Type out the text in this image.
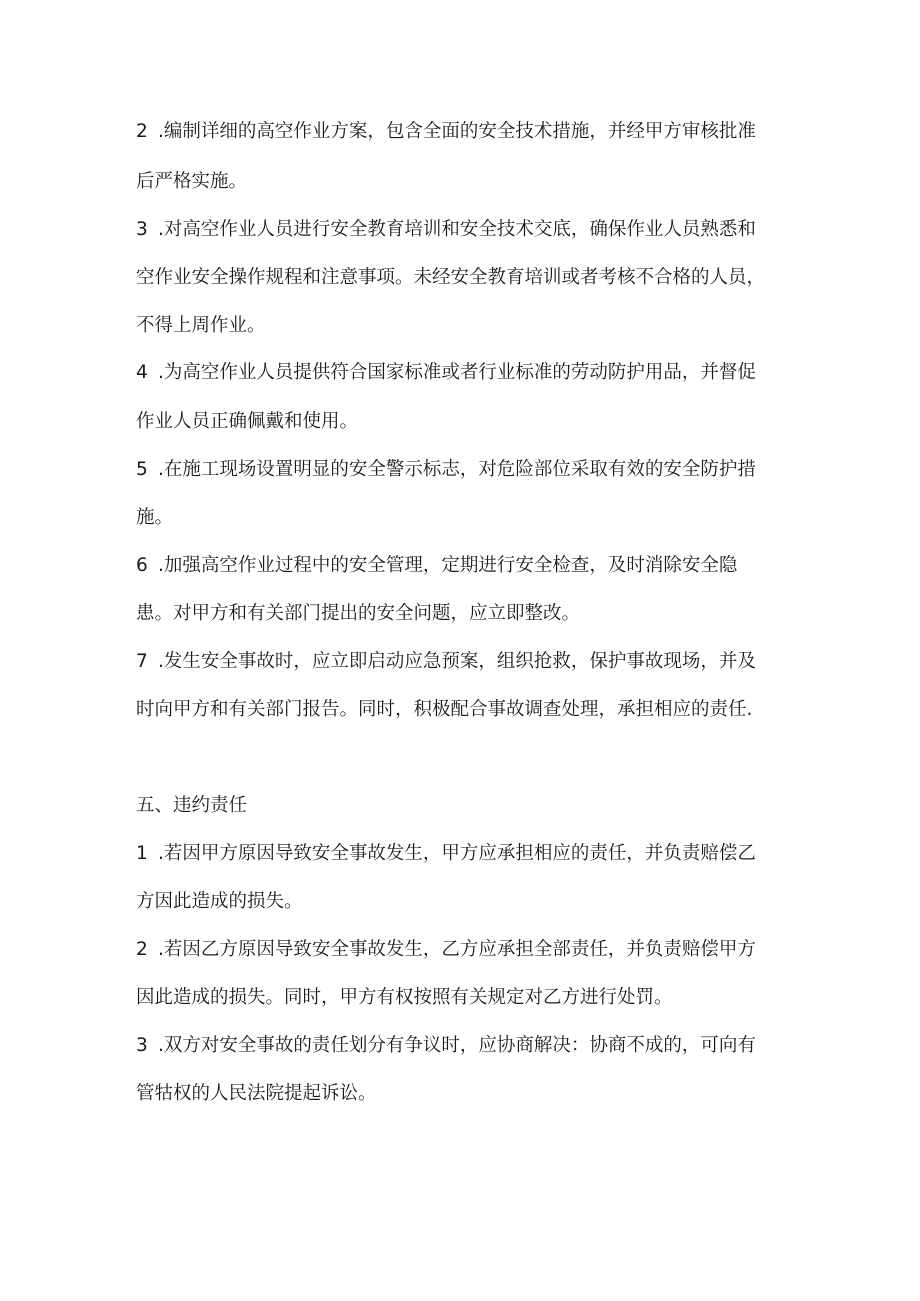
2 .编制详细的高空作业方案，包含全面的安全技术措施，并经甲方审核批准

后严格实施。

3 .对高空作业人员进行安全教育培训和安全技术交底，确保作业人员熟悉和

空作业安全操作规程和注意事项。未经安全教育培训或者考核不合格的人员，

不得上周作业。

4 .为高空作业人员提供符合国家标准或者行业标准的劳动防护用品，并督促

作业人员正确佩戴和使用。

5 .在施工现场设置明显的安全警示标志，对危险部位采取有效的安全防护措

施。

6 .加强高空作业过程中的安全管理，定期进行安全检查，及时消除安全隐

患。对甲方和有关部门提出的安全问题，应立即整改。

7 .发生安全事故时，应立即启动应急预案，组织抢救，保护事故现场，并及

时向甲方和有关部门报告。同时，积极配合事故调查处理，承担相应的责任.

五、违约责任

1 .若因甲方原因导致安全事故发生，甲方应承担相应的责任，并负责赔偿乙

方因此造成的损失。

2 .若因乙方原因导致安全事故发生，乙方应承担全部责任，并负责赔偿甲方

因此造成的损失。同时，甲方有权按照有关规定对乙方进行处罚。

3 .双方对安全事故的责任划分有争议时，应协商解决：协商不成的，可向有

管牯权的人民法院提起诉讼。
